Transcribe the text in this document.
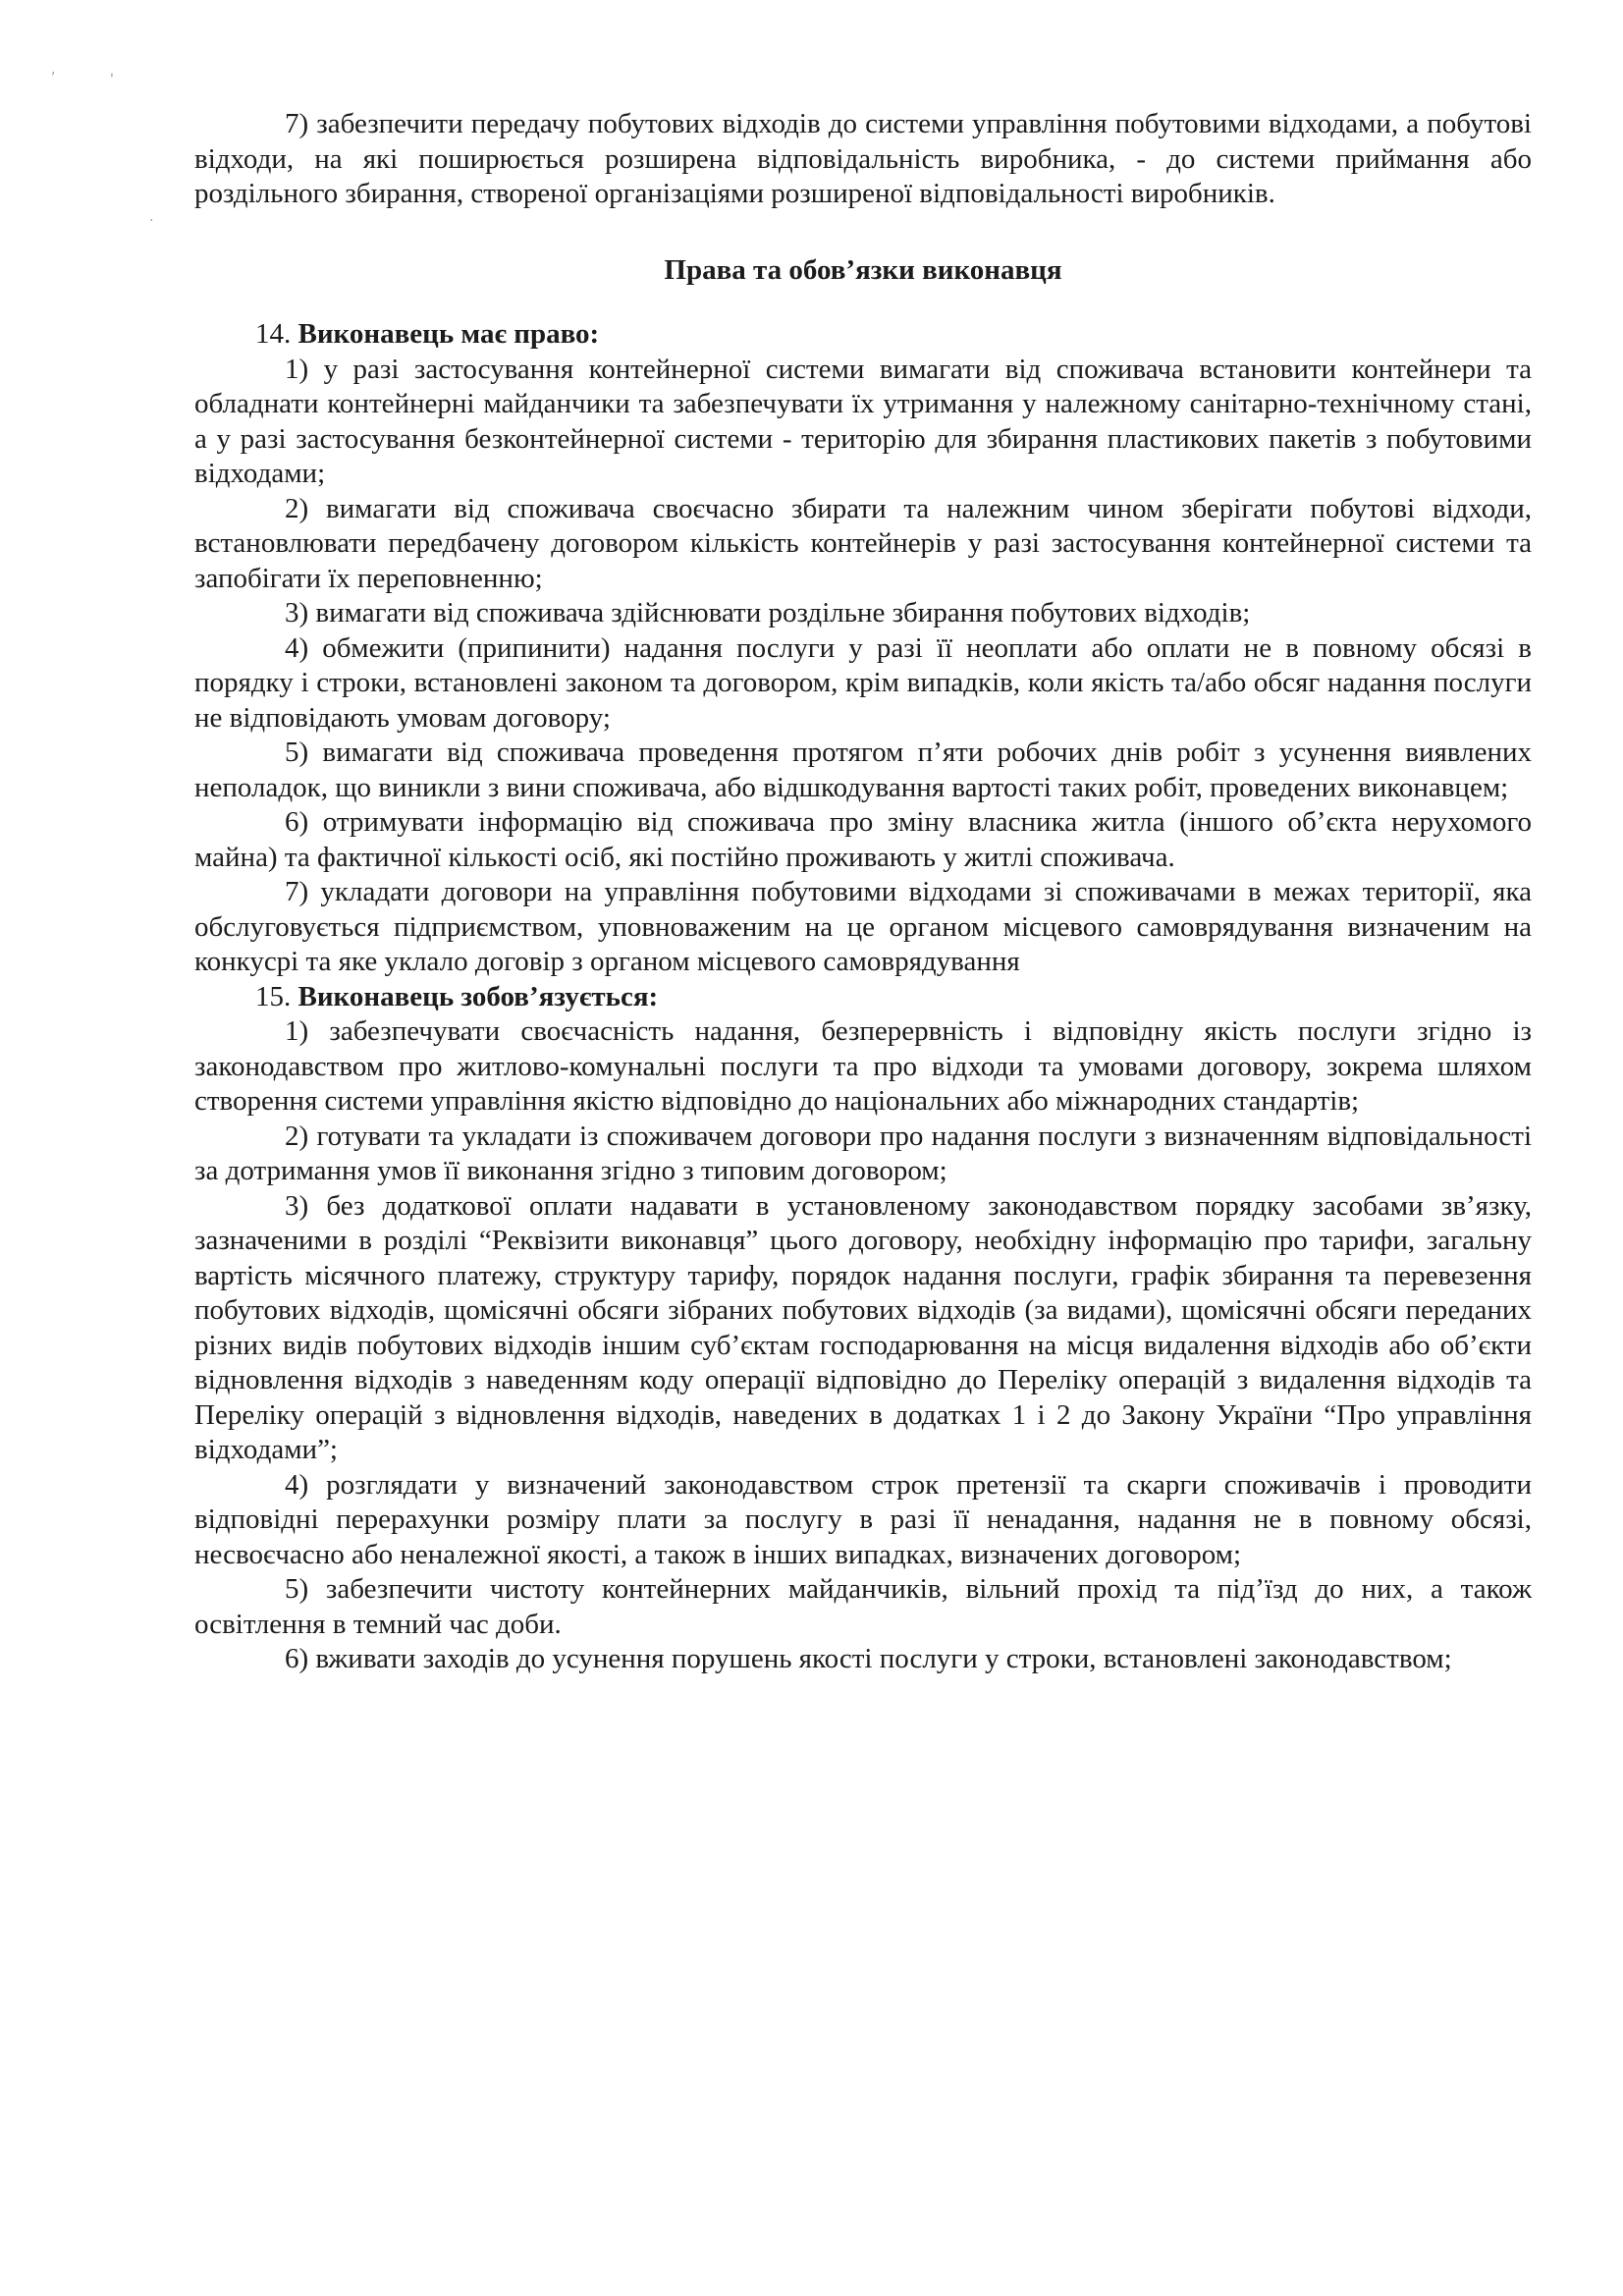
,
'
·

7) забезпечити передачу побутових відходів до системи управління побутовими відходами, а побутові відходи, на які поширюється розширена відповідальність виробника, - до системи приймання або роздільного збирання, створеної організаціями розширеної відповідальності виробників.

Права та обов’язки виконавця

14. Виконавець має право:

1) у разі застосування контейнерної системи вимагати від споживача встановити контейнери та обладнати контейнерні майданчики та забезпечувати їх утримання у належному санітарно-технічному стані, а у разі застосування безконтейнерної системи - територію для збирання пластикових пакетів з побутовими відходами;

2) вимагати від споживача своєчасно збирати та належним чином зберігати побутові відходи, встановлювати передбачену договором кількість контейнерів у разі застосування контейнерної системи та запобігати їх переповненню;

3) вимагати від споживача здійснювати роздільне збирання побутових відходів;

4) обмежити (припинити) надання послуги у разі її неоплати або оплати не в повному обсязі в порядку і строки, встановлені законом та договором, крім випадків, коли якість та/або обсяг надання послуги не відповідають умовам договору;

5) вимагати від споживача проведення протягом п’яти робочих днів робіт з усунення виявлених неполадок, що виникли з вини споживача, або відшкодування вартості таких робіт, проведених виконавцем;

6) отримувати інформацію від споживача про зміну власника житла (іншого об’єкта нерухомого майна) та фактичної кількості осіб, які постійно проживають у житлі споживача.

7) укладати договори на управління побутовими відходами зі споживачами в межах території, яка обслуговується підприємством, уповноваженим на це органом місцевого самоврядування визначеним на конкусрі та яке уклало договір з органом місцевого самоврядування

15. Виконавець зобов’язується:

1) забезпечувати своєчасність надання, безперервність і відповідну якість послуги згідно із законодавством про житлово-комунальні послуги та про відходи та умовами договору, зокрема шляхом створення системи управління якістю відповідно до національних або міжнародних стандартів;

2) готувати та укладати із споживачем договори про надання послуги з визначенням відповідальності за дотримання умов її виконання згідно з типовим договором;

3) без додаткової оплати надавати в установленому законодавством порядку засобами зв’язку, зазначеними в розділі “Реквізити виконавця” цього договору, необхідну інформацію про тарифи, загальну вартість місячного платежу, структуру тарифу, порядок надання послуги, графік збирання та перевезення побутових відходів, щомісячні обсяги зібраних побутових відходів (за видами), щомісячні обсяги переданих різних видів побутових відходів іншим суб’єктам господарювання на місця видалення відходів або об’єкти відновлення відходів з наведенням коду операції відповідно до Переліку операцій з видалення відходів та Переліку операцій з відновлення відходів, наведених в додатках 1 і 2 до Закону України “Про управління відходами”;

4) розглядати у визначений законодавством строк претензії та скарги споживачів і проводити відповідні перерахунки розміру плати за послугу в разі її ненадання, надання не в повному обсязі, несвоєчасно або неналежної якості, а також в інших випадках, визначених договором;

5) забезпечити чистоту контейнерних майданчиків, вільний прохід та під’їзд до них, а також освітлення в темний час доби.

6) вживати заходів до усунення порушень якості послуги у строки, встановлені законодавством;
